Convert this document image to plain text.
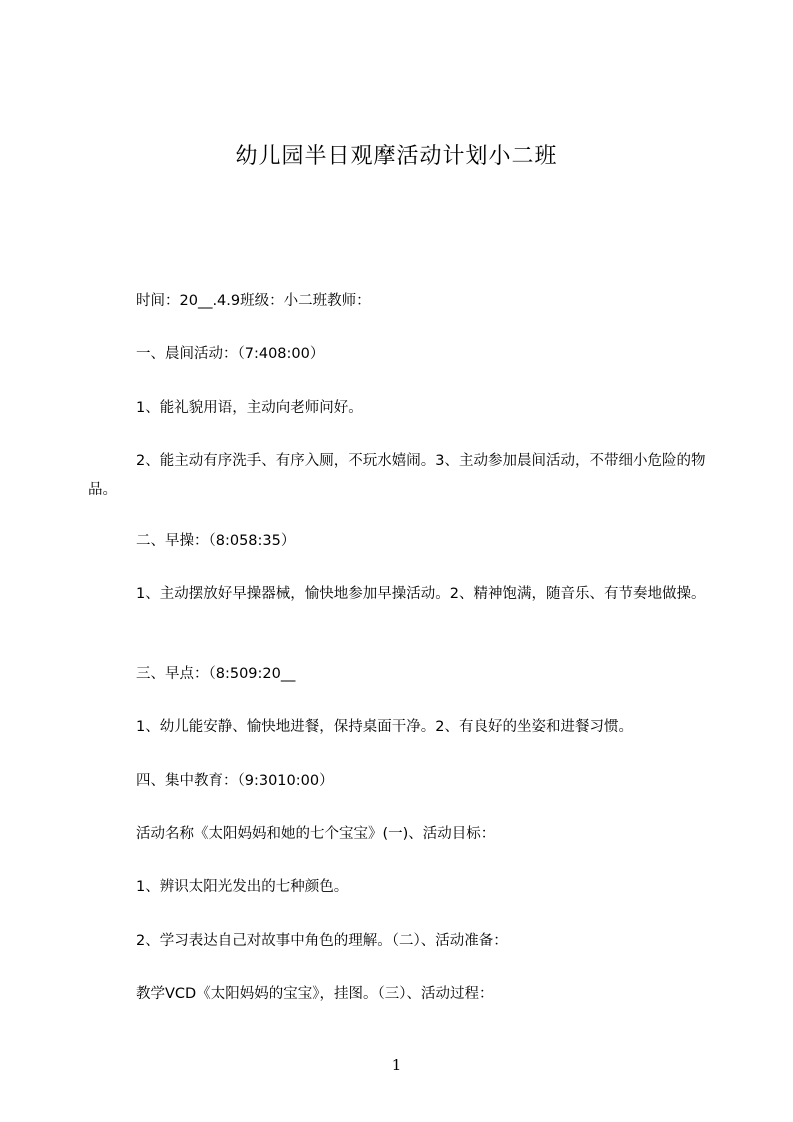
幼儿园半日观摩活动计划小二班
时间：20__.4.9班级：小二班教师：
一、晨间活动：（7:408:00）
1、能礼貌用语，主动向老师问好。
2、能主动有序洗手、有序入厕，不玩水嬉闹。3、主动参加晨间活动，不带细小危险的物品。
二、早操：（8:058:35）
1、主动摆放好早操器械，愉快地参加早操活动。2、精神饱满，随音乐、有节奏地做操。
三、早点：（8:509:20__
1、幼儿能安静、愉快地进餐，保持桌面干净。2、有良好的坐姿和进餐习惯。
四、集中教育：（9:3010:00）
活动名称《太阳妈妈和她的七个宝宝》(一)、活动目标：
1、辨识太阳光发出的七种颜色。
2、学习表达自己对故事中角色的理解。（二）、活动准备：
教学VCD《太阳妈妈的宝宝》，挂图。（三）、活动过程：
1
